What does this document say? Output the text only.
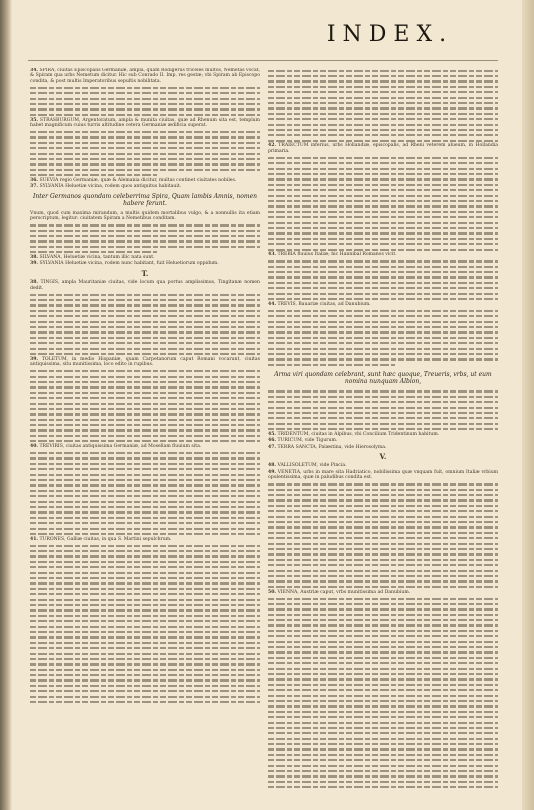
INDEX.

34. SPIRA, ciuitas Episcopalis Germaniæ, ampla, quam Rodigerus triceles multos, Nemetas vocat, & Spiram qua urbs Nemetum dicitur. Hic sub Conrado II. Imp. res gestæ; vbi Spiram ab Episcopo condita, & post multis Imperatoribus sepultis nobilitata.

35. STRASBURGUM, Argentoratum, ampla & munita ciuitas, quæ ad Rhenum sita est, templum habet magnificum cuius turris altitudine cetera Germaniæ ædificia superat.

36. SUEVIA regio Germaniæ, quæ & Alemania dicitur, multas continet ciuitates nobiles.

37. SYLVANIA Heluetiæ vicina, rodem quos antiquitus habitauit.

Inter Germanos quondam celeberrima Spira, Quam lambis Amnis, nomen habere ferunt.

Vnum, quod cum maxima mirandum, a multis quidem mortalibus vulgo, & a nonnullis ita etiam perscriptum, legitur: ciuitatem Spiram a Nemetibus conditam.

38. SILVANA, Heluetiæ vicina, tantum illic nata sunt.

39. SYLVANIA Heluetiæ vicina, rodem nunc habitant, fuit Heluetiorum oppidum.

T.

38. TINGIS, ampla Mauritaniæ ciuitas, vide locum qua portus amplissimus, Tingitanæ nomen dedit.

39. TOLETUM, in medio Hispaniæ, quam Carpetanorum caput Romani vocarunt, ciuitas antiquissima, situ munitissima, loco edito in rupibus.

40. TREVIRIS, ciuitas antiquissima Germaniæ, ad Mosellam fluuium sita.

41. TURONES, Galliæ ciuitas, in qua S. Martini sepulchrum.

42. TRAIECTUM inferius, urbs Hollandiæ, episcopalis, ad Rheni veterem alueum, in Hollandia primaria.

43. TREBIA fluuius Italiæ; hic Hannibal Romanos vicit.

44. TREVIS, Bauariæ ciuitas, ad Danubium.

Arma viri quondam celebrant, sunt hæc quoque, Treueris, vrbs, ut eum nomina nunquam Albion,

45. TRIDENTUM, ciuitas in Alpibus, vbi Concilium Tridentinum habitum.

46. TURICUM, vide Tigurum.

47. TERRA SANCTA, Palæstina, vide Hierosolyma.

V.

48. VALLISOLETUM, vide Pincia.

49. VENETIA, urbs in mare sita Hadriatico, nobilissima quæ vnquam fuit, omnium Italiæ vrbium opulentissima, quæ in paludibus condita est.

50. VIENNA, Austriæ caput, vrbs munitissima ad Danubium.
